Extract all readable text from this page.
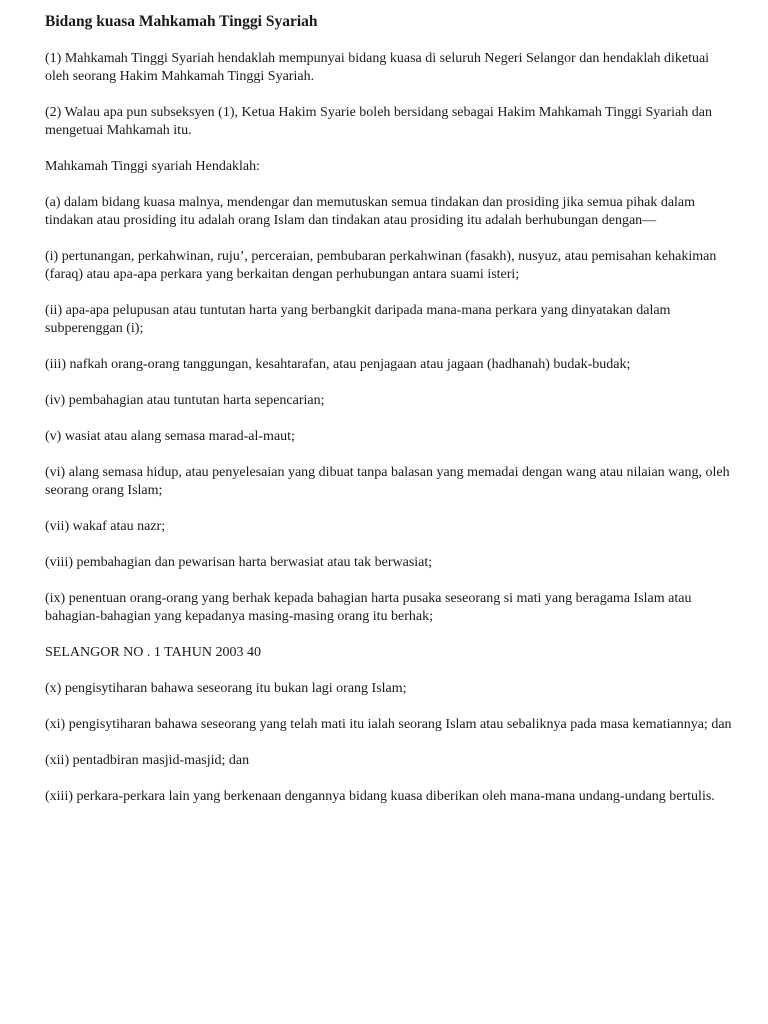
Bidang kuasa Mahkamah Tinggi Syariah
(1) Mahkamah Tinggi Syariah hendaklah mempunyai bidang kuasa di seluruh Negeri Selangor dan hendaklah diketuai oleh seorang Hakim Mahkamah Tinggi Syariah.
(2) Walau apa pun subseksyen (1), Ketua Hakim Syarie boleh bersidang sebagai Hakim Mahkamah Tinggi Syariah dan mengetuai Mahkamah itu.
Mahkamah Tinggi syariah Hendaklah:
(a) dalam bidang kuasa malnya, mendengar dan memutuskan semua tindakan dan prosiding jika semua pihak dalam tindakan atau prosiding itu adalah orang Islam dan tindakan atau prosiding itu adalah berhubungan dengan—
(i) pertunangan, perkahwinan, ruju’, perceraian, pembubaran perkahwinan (fasakh), nusyuz, atau pemisahan kehakiman (faraq) atau apa-apa perkara yang berkaitan dengan perhubungan antara suami isteri;
(ii) apa-apa pelupusan atau tuntutan harta yang berbangkit daripada mana-mana perkara yang dinyatakan dalam subperenggan (i);
(iii) nafkah orang-orang tanggungan, kesahtarafan, atau penjagaan atau jagaan (hadhanah) budak-budak;
(iv) pembahagian atau tuntutan harta sepencarian;
(v) wasiat atau alang semasa marad-al-maut;
(vi) alang semasa hidup, atau penyelesaian yang dibuat tanpa balasan yang memadai dengan wang atau nilaian wang, oleh seorang orang Islam;
(vii) wakaf atau nazr;
(viii) pembahagian dan pewarisan harta berwasiat atau tak berwasiat;
(ix) penentuan orang-orang yang berhak kepada bahagian harta pusaka seseorang si mati yang beragama Islam atau bahagian-bahagian yang kepadanya masing-masing orang itu berhak;
SELANGOR NO . 1 TAHUN 2003 40
(x) pengisytiharan bahawa seseorang itu bukan lagi orang Islam;
(xi) pengisytiharan bahawa seseorang yang telah mati itu ialah seorang Islam atau sebaliknya pada masa kematiannya; dan
(xii) pentadbiran masjid-masjid; dan
(xiii) perkara-perkara lain yang berkenaan dengannya bidang kuasa diberikan oleh mana-mana undang-undang bertulis.
